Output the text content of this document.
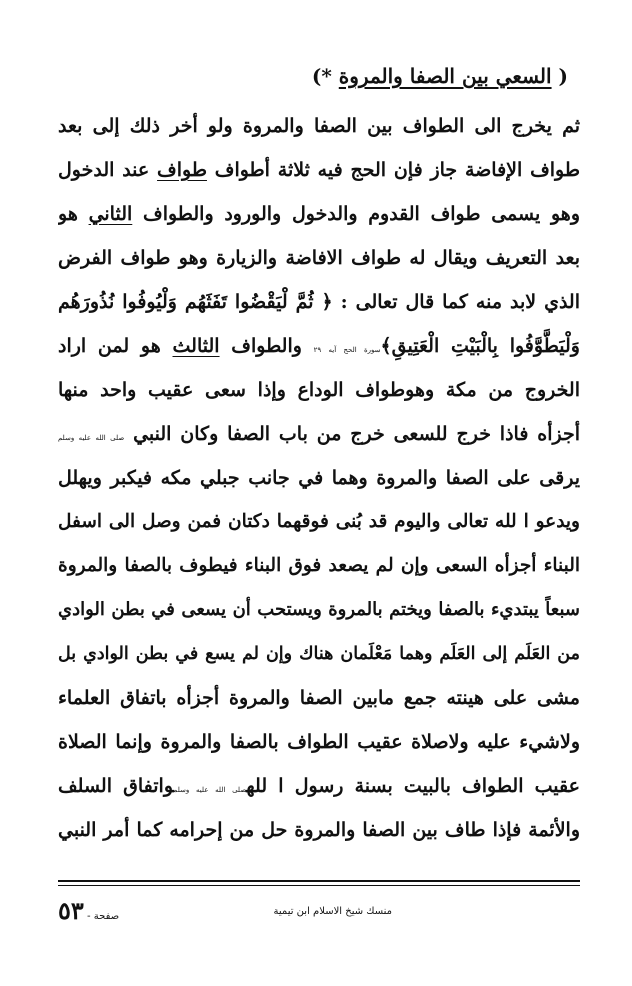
( السعي بين الصفا والمروة *)
ثم يخرج الى الطواف بين الصفا والمروة ولو أخر ذلك إلى بعد
طواف الإفاضة جاز فإن الحج فيه ثلاثة أطواف طواف عند الدخول
وهو يسمى طواف القدوم والدخول والورود والطواف الثاني هو
بعد التعريف ويقال له طواف الافاضة والزيارة وهو طواف الفرض
الذي لابد منه كما قال تعالى : ﴿ ثُمَّ لْيَقْضُوا تَفَثَهُم وَلْيُوفُوا نُذُورَهُم
وَلْيَطَّوَّفُوا بِالْبَيْتِ الْعَتِيقِ﴾سورة الحج آيه ٢٩ والطواف الثالث هو لمن اراد
الخروج من مكة وهوطواف الوداع وإذا سعى عقيب واحد منها
أجزأه فاذا خرج للسعى خرج من باب الصفا وكان النبي صلى الله عليه وسلم
يرقى على الصفا والمروة وهما في جانب جبلي مكه فيكبر ويهلل
ويدعو ا لله تعالى واليوم قد بُنى فوقهما دكتان فمن وصل الى اسفل
البناء أجزأه السعى وإن لم يصعد فوق البناء فيطوف بالصفا والمروة
سبعاً يبتديء بالصفا ويختم بالمروة ويستحب أن يسعى في بطن الوادي
من العَلَم إلى العَلَم وهما مَعْلَمان هناك وإن لم يسع في بطن الوادي بل
مشى على هينته جمع مابين الصفا والمروة أجزأه باتفاق العلماء
ولاشيء عليه ولاصلاة عقيب الطواف بالصفا والمروة وإنما الصلاة
عقيب الطواف بالبيت بسنة رسول ا للهصلى الله عليه وسلمواتفاق السلف
والأئمة فإذا طاف بين الصفا والمروة حل من إحرامه كما أمر النبي
منسك شيخ الاسلام ابن تيمية
صفحة - ٥٣
